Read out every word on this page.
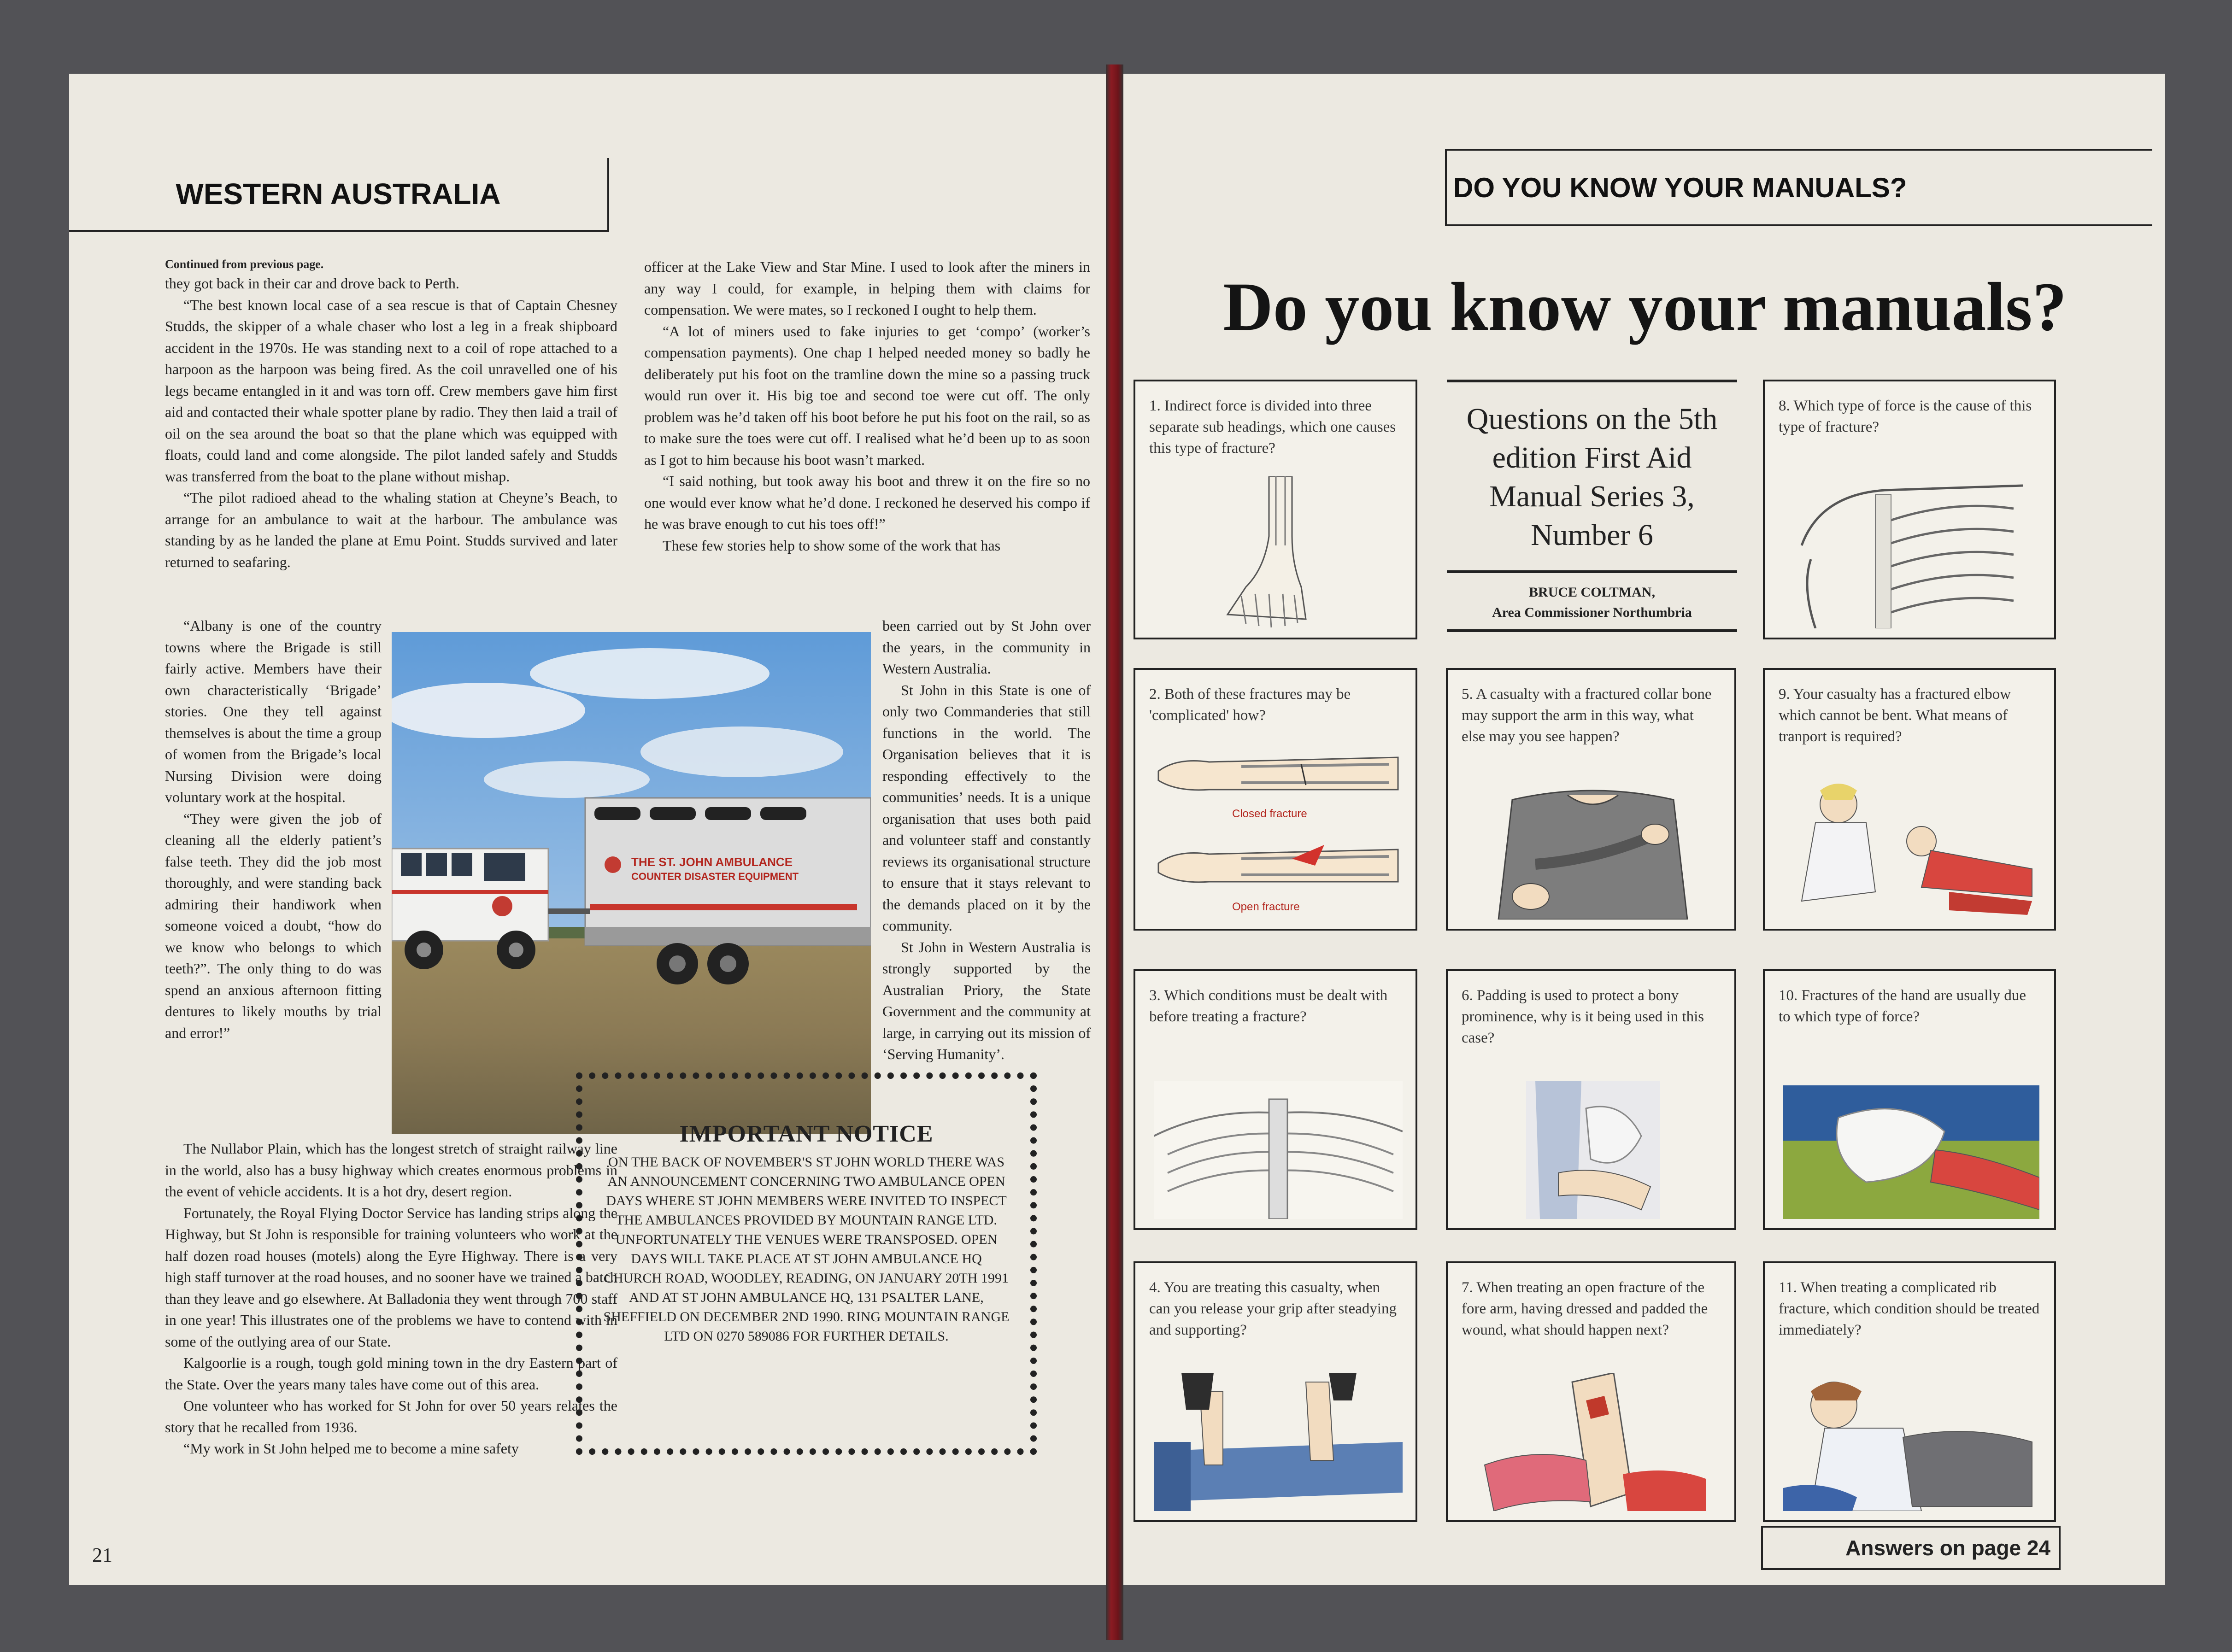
WESTERN AUSTRALIA

Continued from previous page.

they got back in their car and drove back to Perth.

“The best known local case of a sea rescue is that of Captain Chesney Studds, the skipper of a whale chaser who lost a leg in a freak shipboard accident in the 1970s. He was standing next to a coil of rope attached to a harpoon as the harpoon was being fired. As the coil unravelled one of his legs became entangled in it and was torn off. Crew members gave him first aid and contacted their whale spotter plane by radio. They then laid a trail of oil on the sea around the boat so that the plane which was equipped with floats, could land and come alongside. The pilot landed safely and Studds was transferred from the boat to the plane without mishap.

“The pilot radioed ahead to the whaling station at Cheyne’s Beach, to arrange for an ambulance to wait at the harbour. The ambulance was standing by as he landed the plane at Emu Point. Studds survived and later returned to seafaring.

“Albany is one of the country towns where the Brigade is still fairly active. Members have their own characteristically ‘Brigade’ stories. One they tell against themselves is about the time a group of women from the Brigade’s local Nursing Division were doing voluntary work at the hospital.

“They were given the job of cleaning all the elderly patient’s false teeth. They did the job most thoroughly, and were standing back admiring their handiwork when someone voiced a doubt, “how do we know who belongs to which teeth?”. The only thing to do was spend an anxious afternoon fitting dentures to likely mouths by trial and error!”

The Nullabor Plain, which has the longest stretch of straight railway line in the world, also has a busy highway which creates enormous problems in the event of vehicle accidents. It is a hot dry, desert region.

Fortunately, the Royal Flying Doctor Service has landing strips along the Highway, but St John is responsible for training volunteers who work at the half dozen road houses (motels) along the Eyre Highway. There is a very high staff turnover at the road houses, and no sooner have we trained a batch than they leave and go elsewhere. At Balladonia they went through 700 staff in one year! This illustrates one of the problems we have to contend with in some of the outlying area of our State.

Kalgoorlie is a rough, tough gold mining town in the dry Eastern part of the State. Over the years many tales have come out of this area.

One volunteer who has worked for St John for over 50 years relates the story that he recalled from 1936.

“My work in St John helped me to become a mine safety

officer at the Lake View and Star Mine. I used to look after the miners in any way I could, for example, in helping them with claims for compensation. We were mates, so I reckoned I ought to help them.

“A lot of miners used to fake injuries to get ‘compo’ (worker’s compensation payments). One chap I helped needed money so badly he deliberately put his foot on the tramline down the mine so a passing truck would run over it. His big toe and second toe were cut off. The only problem was he’d taken off his boot before he put his foot on the rail, so as to make sure the toes were cut off. I realised what he’d been up to as soon as I got to him because his boot wasn’t marked.

“I said nothing, but took away his boot and threw it on the fire so no one would ever know what he’d done. I reckoned he deserved his compo if he was brave enough to cut his toes off!”

These few stories help to show some of the work that has

been carried out by St John over the years, in the community in Western Australia.

St John in this State is one of only two Commanderies that still functions in the world. The Organisation believes that it is responding effectively to the communities’ needs. It is a unique organisation that uses both paid and volunteer staff and constantly reviews its organisational structure to ensure that it stays relevant to the demands placed on it by the community.

St John in Western Australia is strongly supported by the Australian Priory, the State Government and the community at large, in carrying out its mission of ‘Serving Humanity’.

THE ST. JOHN AMBULANCE
COUNTER DISASTER EQUIPMENT
IMPORTANT NOTICE

ON THE BACK OF NOVEMBER'S ST JOHN WORLD THERE WAS AN ANNOUNCEMENT CONCERNING TWO AMBULANCE OPEN DAYS WHERE ST JOHN MEMBERS WERE INVITED TO INSPECT THE AMBULANCES PROVIDED BY MOUNTAIN RANGE LTD.

UNFORTUNATELY THE VENUES WERE TRANSPOSED. OPEN DAYS WILL TAKE PLACE AT ST JOHN AMBULANCE HQ CHURCH ROAD, WOODLEY, READING, ON JANUARY 20TH 1991 AND AT ST JOHN AMBULANCE HQ, 131 PSALTER LANE, SHEFFIELD ON DECEMBER 2ND 1990. RING MOUNTAIN RANGE LTD ON 0270 589086 FOR FURTHER DETAILS.

21
DO YOU KNOW YOUR MANUALS?
Do you know your manuals?
1. Indirect force is divided into three separate sub headings, which one causes this type of fracture?
2. Both of these fractures may be 'complicated' how?
Closed fracture
Open fracture
3. Which conditions must be dealt with before treating a fracture?
4. You are treating this casualty, when can you release your grip after steadying and supporting?
Questions on the 5th edition First Aid Manual Series 3, Number 6
BRUCE COLTMAN,
Area Commissioner Northumbria
5. A casualty with a fractured collar bone may support the arm in this way, what else may you see happen?
6. Padding is used to protect a bony prominence, why is it being used in this case?
7. When treating an open fracture of the fore arm, having dressed and padded the wound, what should happen next?
8. Which type of force is the cause of this type of fracture?
9. Your casualty has a fractured elbow which cannot be bent. What means of tranport is required?
10. Fractures of the hand are usually due to which type of force?
11. When treating a complicated rib fracture, which condition should be treated immediately?
Answers on page 24
